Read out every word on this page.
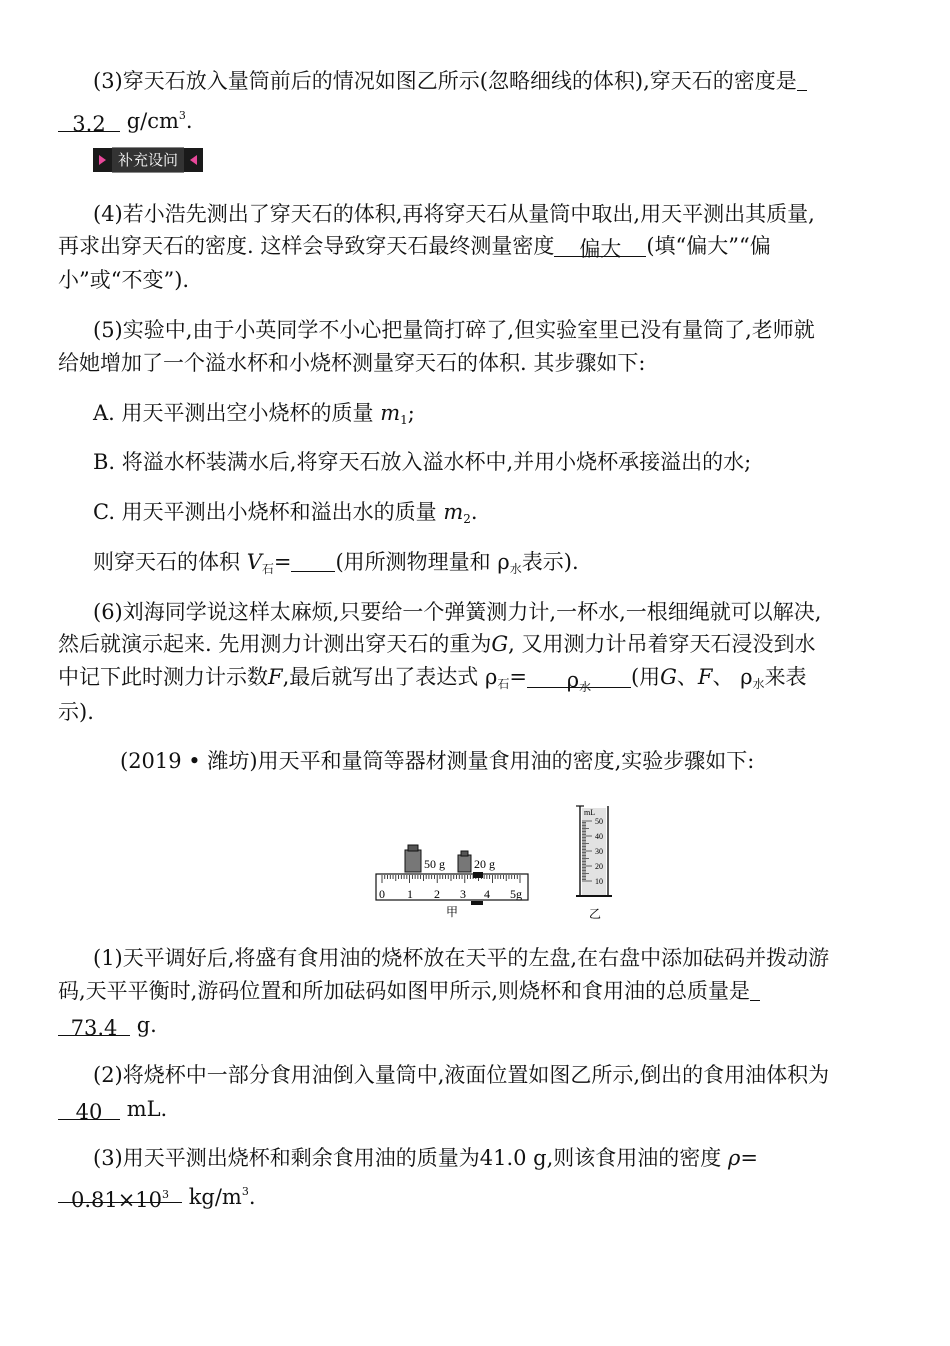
(3)穿天石放入量筒前后的情况如图乙所示(忽略细线的体积),穿天石的密度是
3.2 $g/cm^3$.
补充设问
(4)若小浩先测出了穿天石的体积,再将穿天石从量筒中取出,用天平测出其质量,
再求出穿天石的密度. 这样会导致穿天石最终测量密度 偏大 (填“偏大”“偏
小”或“不变”).
(5)实验中,由于小英同学不小心把量筒打碎了,但实验室里已没有量筒了,老师就
给她增加了一个溢水杯和小烧杯测量穿天石的体积. 其步骤如下:
A. 用天平测出空小烧杯的质量 $m_1$;
B. 将溢水杯装满水后,将穿天石放入溢水杯中,并用小烧杯承接溢出的水;
C. 用天平测出小烧杯和溢出水的质量 $m_2$.
则穿天石的体积 $V_石=$ (用所测物理量和 $\rho_水$表示).
(6)刘海同学说这样太麻烦,只要给一个弹簧测力计,一杯水,一根细绳就可以解决,
然后就演示起来. 先用测力计测出穿天石的重为G, 又用测力计吊着穿天石浸没到水
中记下此时测力计示数F,最后就写出了表达式 $\rho_石= \rho_水$ (用G、F、 $\rho_水$来表
示).
(2019 • 潍坊)用天平和量筒等器材测量食用油的密度,实验步骤如下:
50 g 20 g
0 1 2 3 4 5g
甲
mL
50
40
30
20
10
乙
(1)天平调好后,将盛有食用油的烧杯放在天平的左盘,在右盘中添加砝码并拨动游
码,天平平衡时,游码位置和所加砝码如图甲所示,则烧杯和食用油的总质量是
73.4 g.
(2)将烧杯中一部分食用油倒入量筒中,液面位置如图乙所示,倒出的食用油体积为
40 mL.
(3)用天平测出烧杯和剩余食用油的质量为41.0 g,则该食用油的密度 ρ=
$0.81\times 10^3$ $kg/m^3$.
